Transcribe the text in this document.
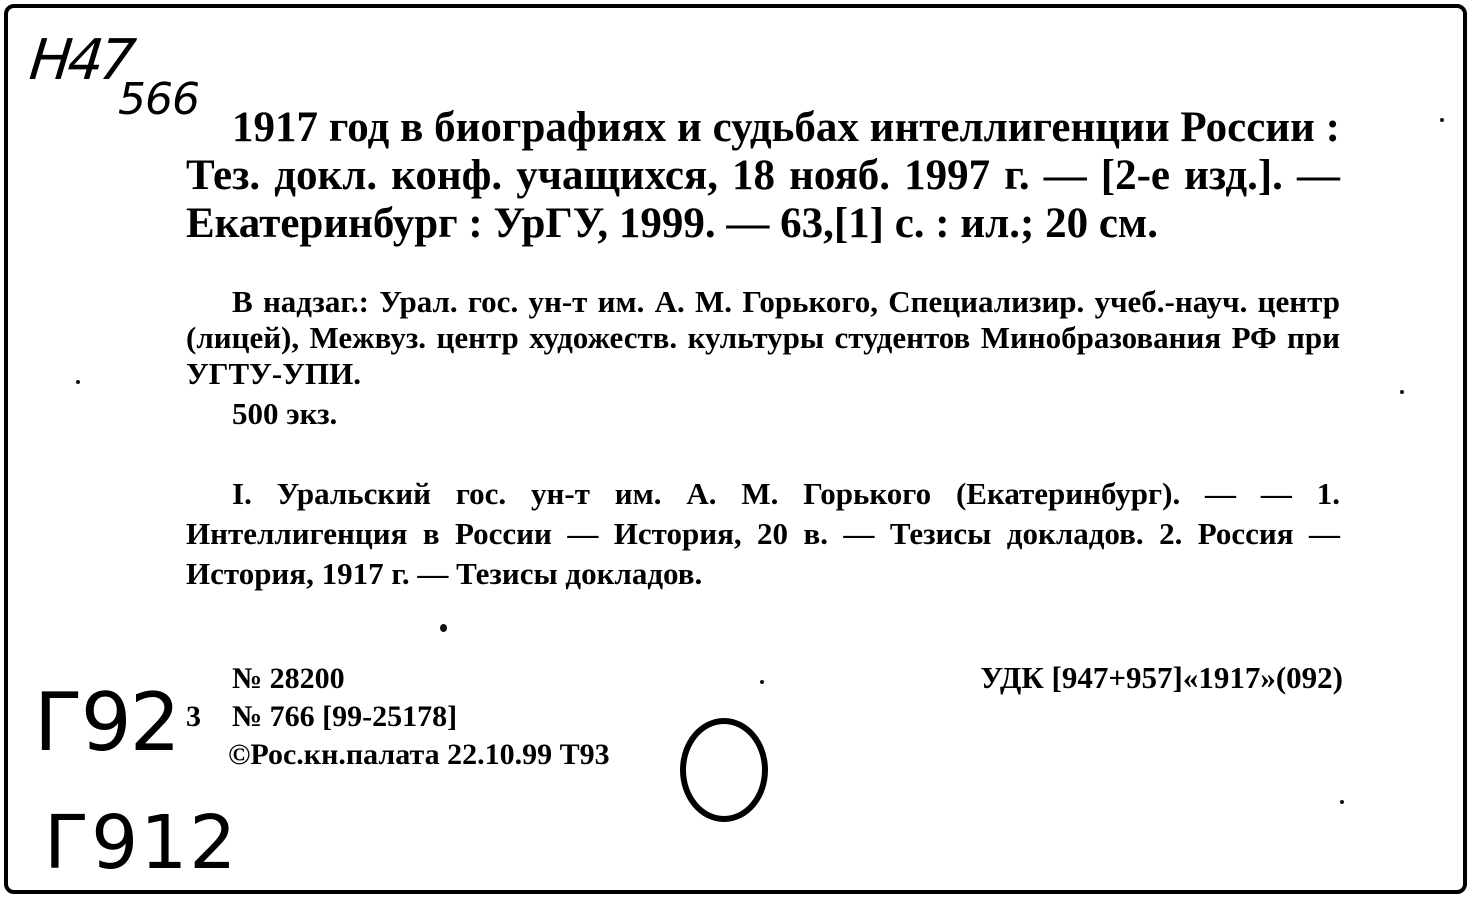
Н47
566
Г92 3
Г912
1917 год в биографиях и судьбах интеллигенции России : Тез. докл. конф. учащихся, 18 нояб. 1997 г. — [2-е изд.]. — Екатеринбург : УрГУ, 1999. — 63,[1] с. : ил.; 20 см.

В надзаг.: Урал. гос. ун-т им. А. М. Горького, Специализир. учеб.-науч. центр (лицей), Межвуз. центр художеств. культуры студентов Минобразования РФ при УГТУ-УПИ.

500 экз.

I. Уральский гос. ун-т им. А. М. Горького (Екатеринбург). — — 1. Интеллигенция в России — История, 20 в. — Тезисы докладов. 2. Россия — История, 1917 г. — Тезисы докладов.

№ 28200	УДК [947+957]«1917»(092)
№ 766 [99-25178]
©Рос.кн.палата 22.10.99 Т93
